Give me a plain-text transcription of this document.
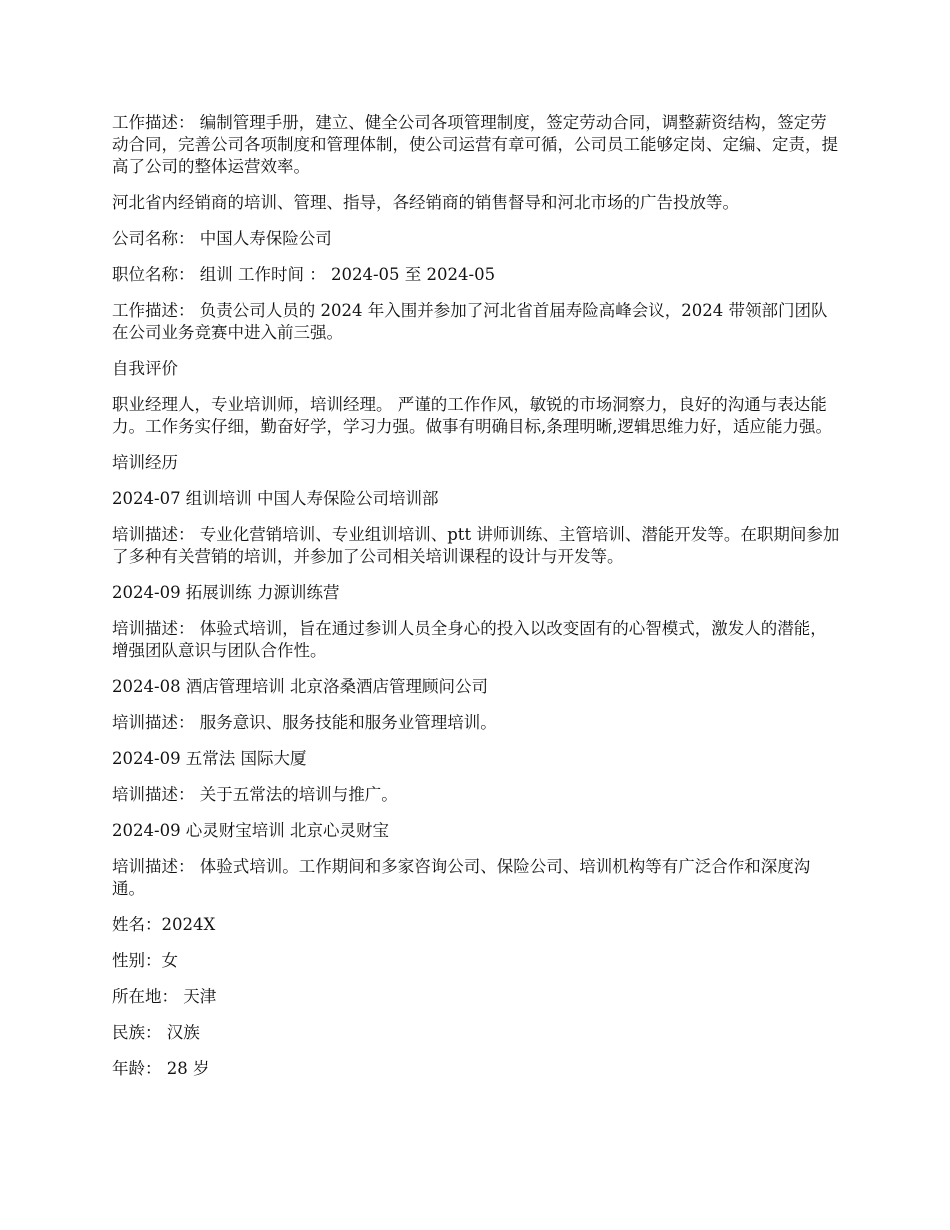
工作描述： 编制管理手册，建立、健全公司各项管理制度，签定劳动合同，调整薪资结构，签定劳动合同，完善公司各项制度和管理体制，使公司运营有章可循，公司员工能够定岗、定编、定责，提高了公司的整体运营效率。

河北省内经销商的培训、管理、指导，各经销商的销售督导和河北市场的广告投放等。

公司名称： 中国人寿保险公司

职位名称： 组训 工作时间 ： 2024-05 至 2024-05

工作描述： 负责公司人员的 2024 年入围并参加了河北省首届寿险高峰会议，2024 带领部门团队在公司业务竞赛中进入前三强。

自我评价

职业经理人，专业培训师，培训经理。 严谨的工作作风，敏锐的市场洞察力，良好的沟通与表达能力。工作务实仔细，勤奋好学，学习力强。做事有明确目标,条理明晰,逻辑思维力好，适应能力强。

培训经历

2024-07 组训培训 中国人寿保险公司培训部

培训描述： 专业化营销培训、专业组训培训、ptt 讲师训练、主管培训、潜能开发等。在职期间参加了多种有关营销的培训，并参加了公司相关培训课程的设计与开发等。

2024-09 拓展训练 力源训练营

培训描述： 体验式培训，旨在通过参训人员全身心的投入以改变固有的心智模式，激发人的潜能，增强团队意识与团队合作性。

2024-08 酒店管理培训 北京洛桑酒店管理顾问公司

培训描述： 服务意识、服务技能和服务业管理培训。

2024-09 五常法 国际大厦

培训描述： 关于五常法的培训与推广。

2024-09 心灵财宝培训 北京心灵财宝

培训描述： 体验式培训。工作期间和多家咨询公司、保险公司、培训机构等有广泛合作和深度沟通。

姓名：2024X

性别：女

所在地： 天津

民族： 汉族

年龄： 28 岁
